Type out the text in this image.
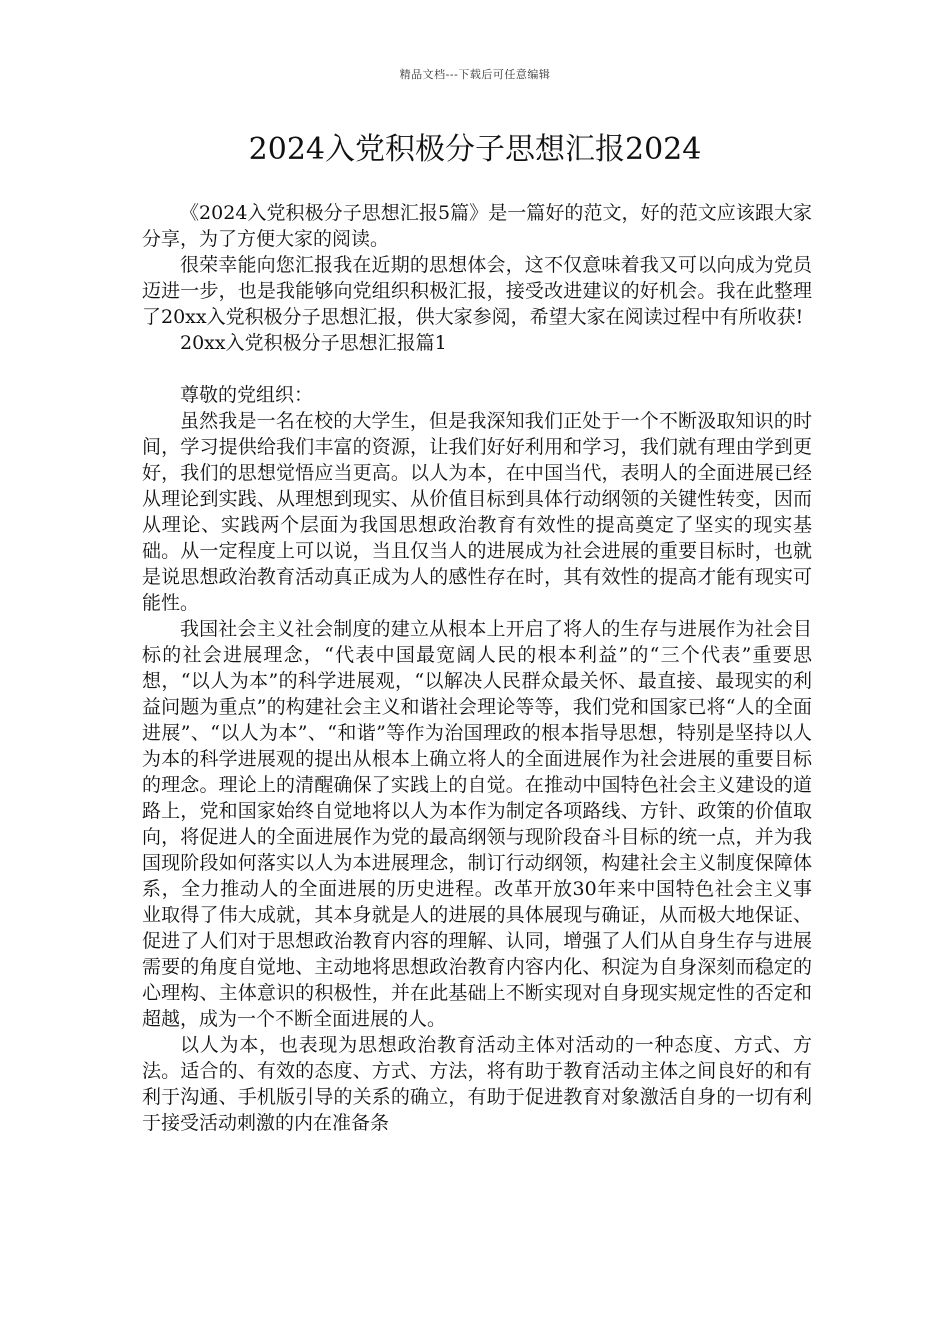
精品文档---下载后可任意编辑
2024入党积极分子思想汇报2024

《2024入党积极分子思想汇报5篇》是一篇好的范文，好的范文应该跟大家分享，为了方便大家的阅读。

很荣幸能向您汇报我在近期的思想体会，这不仅意味着我又可以向成为党员迈进一步，也是我能够向党组织积极汇报，接受改进建议的好机会。我在此整理了20xx入党积极分子思想汇报，供大家参阅，希望大家在阅读过程中有所收获!

20xx入党积极分子思想汇报篇1

尊敬的党组织：

虽然我是一名在校的大学生，但是我深知我们正处于一个不断汲取知识的时间，学习提供给我们丰富的资源，让我们好好利用和学习，我们就有理由学到更好，我们的思想觉悟应当更高。以人为本，在中国当代，表明人的全面进展已经从理论到实践、从理想到现实、从价值目标到具体行动纲领的关键性转变，因而从理论、实践两个层面为我国思想政治教育有效性的提高奠定了坚实的现实基础。从一定程度上可以说，当且仅当人的进展成为社会进展的重要目标时，也就是说思想政治教育活动真正成为人的感性存在时，其有效性的提高才能有现实可能性。

我国社会主义社会制度的建立从根本上开启了将人的生存与进展作为社会目标的社会进展理念，“代表中国最宽阔人民的根本利益”的“三个代表”重要思想，“以人为本”的科学进展观，“以解决人民群众最关怀、最直接、最现实的利益问题为重点”的构建社会主义和谐社会理论等等，我们党和国家已将“人的全面进展”、“以人为本”、“和谐”等作为治国理政的根本指导思想，特别是坚持以人为本的科学进展观的提出从根本上确立将人的全面进展作为社会进展的重要目标的理念。理论上的清醒确保了实践上的自觉。在推动中国特色社会主义建设的道路上，党和国家始终自觉地将以人为本作为制定各项路线、方针、政策的价值取向，将促进人的全面进展作为党的最高纲领与现阶段奋斗目标的统一点，并为我国现阶段如何落实以人为本进展理念，制订行动纲领，构建社会主义制度保障体系，全力推动人的全面进展的历史进程。改革开放30年来中国特色社会主义事业取得了伟大成就，其本身就是人的进展的具体展现与确证，从而极大地保证、促进了人们对于思想政治教育内容的理解、认同，增强了人们从自身生存与进展需要的角度自觉地、主动地将思想政治教育内容内化、积淀为自身深刻而稳定的心理构、主体意识的积极性，并在此基础上不断实现对自身现实规定性的否定和超越，成为一个不断全面进展的人。

以人为本，也表现为思想政治教育活动主体对活动的一种态度、方式、方法。适合的、有效的态度、方式、方法，将有助于教育活动主体之间良好的和有利于沟通、手机版引导的关系的确立，有助于促进教育对象激活自身的一切有利于接受活动刺激的内在准备条
